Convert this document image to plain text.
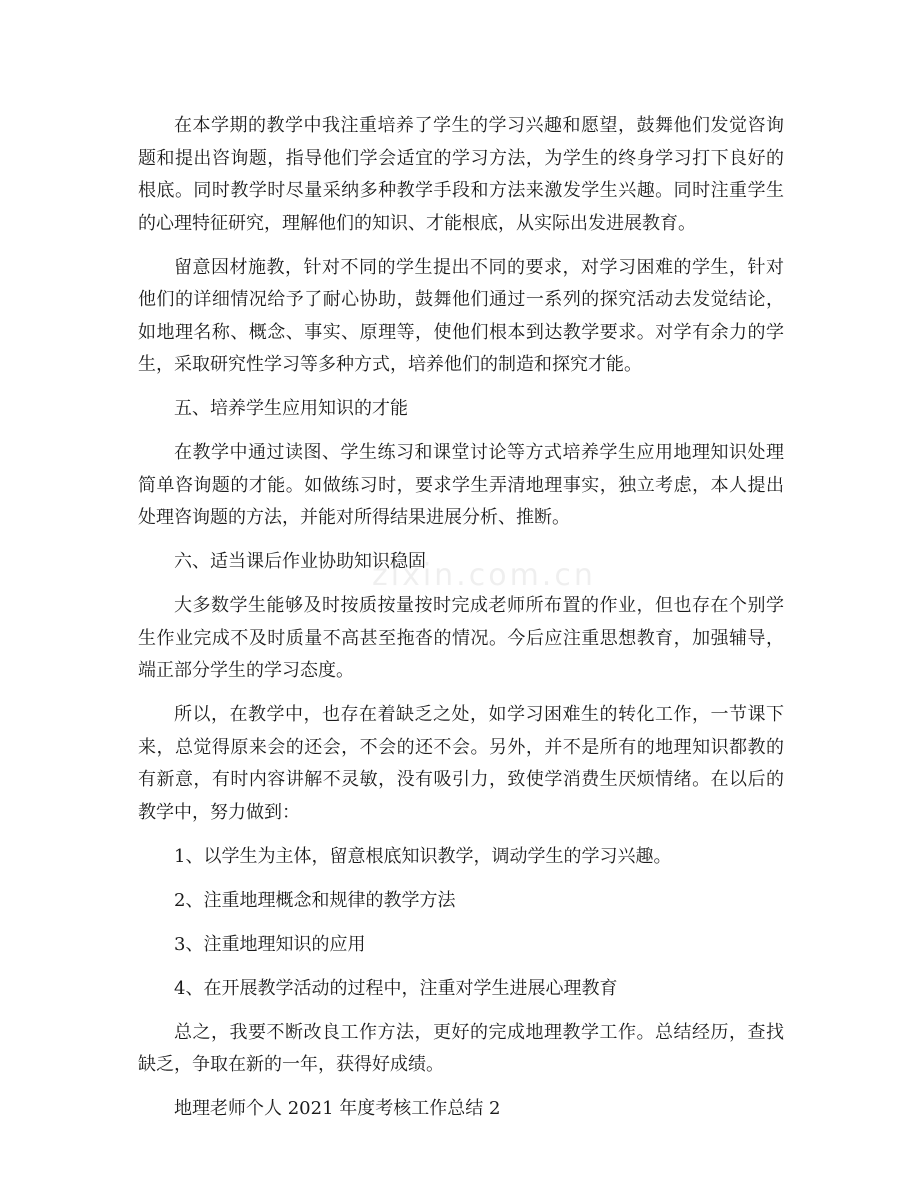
在本学期的教学中我注重培养了学生的学习兴趣和愿望，鼓舞他们发觉咨询题和提出咨询题，指导他们学会适宜的学习方法，为学生的终身学习打下良好的根底。同时教学时尽量采纳多种教学手段和方法来激发学生兴趣。同时注重学生的心理特征研究，理解他们的知识、才能根底，从实际出发进展教育。

留意因材施教，针对不同的学生提出不同的要求，对学习困难的学生，针对他们的详细情况给予了耐心协助，鼓舞他们通过一系列的探究活动去发觉结论，如地理名称、概念、事实、原理等，使他们根本到达教学要求。对学有余力的学生，采取研究性学习等多种方式，培养他们的制造和探究才能。

五、培养学生应用知识的才能

在教学中通过读图、学生练习和课堂讨论等方式培养学生应用地理知识处理简单咨询题的才能。如做练习时，要求学生弄清地理事实，独立考虑，本人提出处理咨询题的方法，并能对所得结果进展分析、推断。

六、适当课后作业协助知识稳固

大多数学生能够及时按质按量按时完成老师所布置的作业，但也存在个别学生作业完成不及时质量不高甚至拖沓的情况。今后应注重思想教育，加强辅导，端正部分学生的学习态度。

所以，在教学中，也存在着缺乏之处，如学习困难生的转化工作，一节课下来，总觉得原来会的还会，不会的还不会。另外，并不是所有的地理知识都教的有新意，有时内容讲解不灵敏，没有吸引力，致使学消费生厌烦情绪。在以后的教学中，努力做到：

1、以学生为主体，留意根底知识教学，调动学生的学习兴趣。

2、注重地理概念和规律的教学方法

3、注重地理知识的应用

4、在开展教学活动的过程中，注重对学生进展心理教育

总之，我要不断改良工作方法，更好的完成地理教学工作。总结经历，查找缺乏，争取在新的一年，获得好成绩。

地理老师个人 2021 年度考核工作总结 2

zixin.com.cn
